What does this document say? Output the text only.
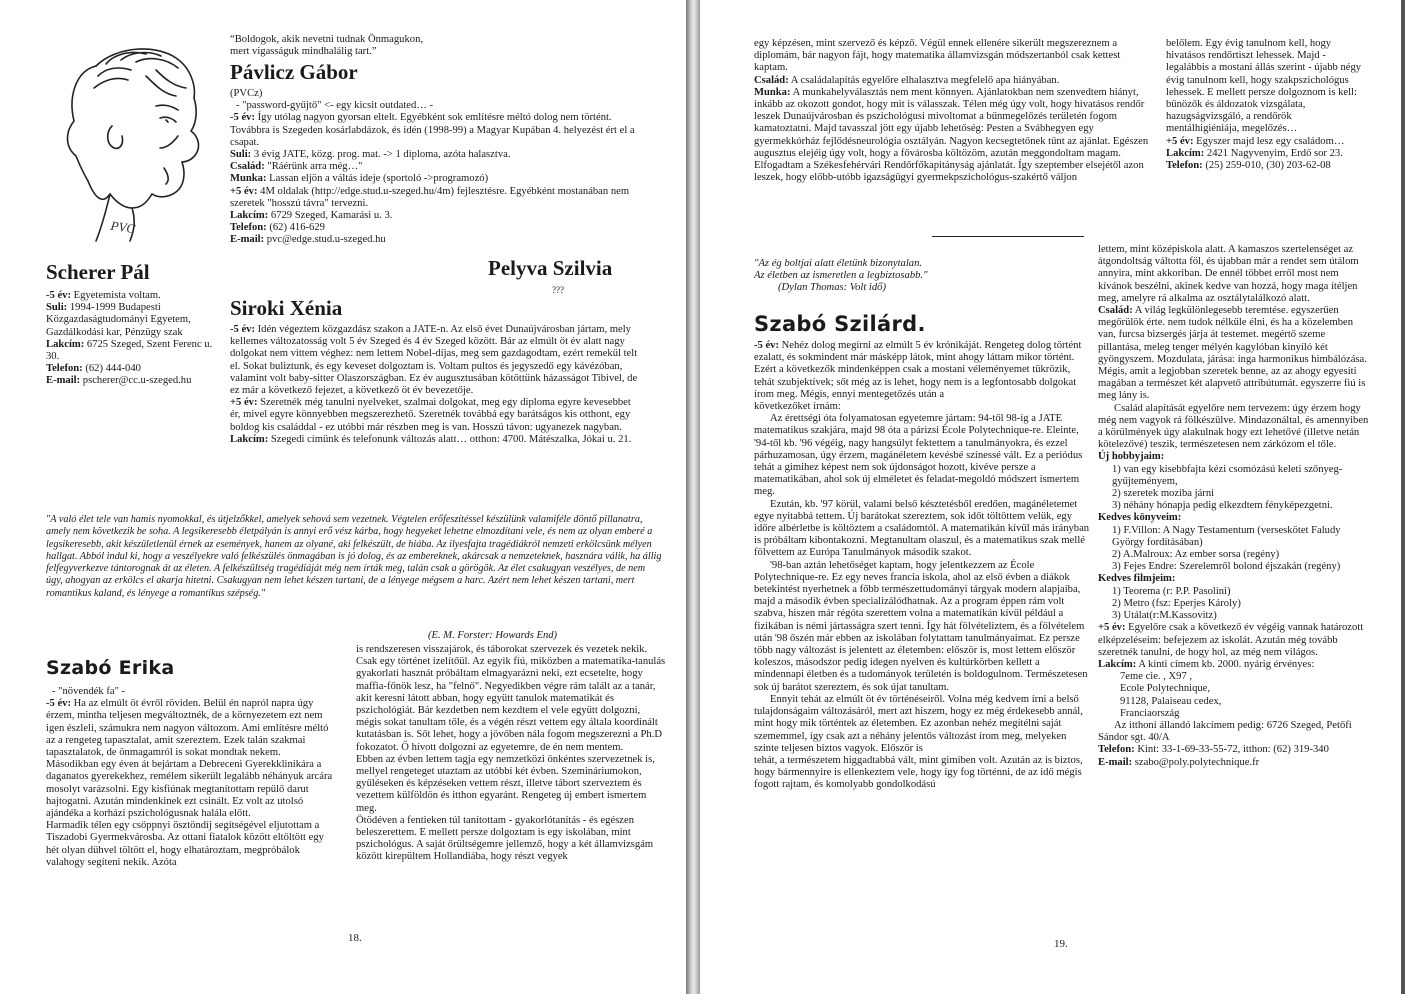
PVC

“Boldogok, akik nevetni tudnak Önmagukon,

mert vigasságuk mindhalálig tart.”

Pávlicz Gábor

(PVCz)

- "password-gyűjtő" <- egy kicsit outdated… -

-5 év: Így utólag nagyon gyorsan eltelt. Egyébként sok említésre méltó dolog nem történt. Továbbra is Szegeden kosárlabdázok, és idén (1998-99) a Magyar Kupában 4. helyezést ért el a csapat.

Suli: 3 évig JATE, közg. prog. mat. -> 1 diploma, azóta halasztva.

Család: "Ráérünk arra még…"

Munka: Lassan eljön a váltás ideje (sportoló ->programozó)

+5 év: 4M oldalak (http://edge.stud.u-szeged.hu/4m) fejlesztésre. Egyébként mostanában nem szeretek "hosszú távra" tervezni.

Lakcím: 6729 Szeged, Kamarási u. 3.

Telefon: (62) 416-629

E-mail: pvc@edge.stud.u-szeged.hu

Scherer Pál

-5 év: Egyetemista voltam.

Suli: 1994-1999 Budapesti Közgazdaságtudományi Egyetem, Gazdálkodási kar, Pénzügy szak

Lakcím: 6725 Szeged, Szent Ferenc u. 30.

Telefon: (62) 444-040

E-mail: pscherer@cc.u-szeged.hu

Pelyva Szilvia
???
Siroki Xénia

-5 év: Idén végeztem közgazdász szakon a JATE-n. Az első évet Dunaújvárosban jártam, mely kellemes változatosság volt 5 év Szeged és 4 év Szeged között. Bár az elmúlt öt év alatt nagy dolgokat nem vittem véghez: nem lettem Nobel-díjas, meg sem gazdagodtam, ezért remekül telt el. Sokat buliztunk, és egy keveset dolgoztam is. Voltam pultos és jegyszedő egy kávézóban, valamint volt baby-sitter Olaszországban. Ez év augusztusában kötöttünk házasságot Tibivel, de ez már a következő fejezet, a következő öt év bevezetője.

+5 év: Szeretnék még tanulni nyelveket, szalmai dolgokat, meg egy diploma egyre kevesebbet ér, mivel egyre könnyebben megszerezhető. Szeretnék továbbá egy barátságos kis otthont, egy boldog kis családdal - ez utóbbi már részben meg is van. Hosszú távon: ugyanezek nagyban.

Lakcím: Szegedi címünk és telefonunk változás alatt… otthon: 4700. Mátészalka, Jókai u. 21.

"A való élet tele van hamis nyomokkal, és útjelzőkkel, amelyek sehová sem vezetnek. Végtelen erőfeszítéssel készülünk valamiféle döntő pillanatra, amely nem következik be soha. A legsikeresebb életpályán is annyi erő vész kárba, hogy hegyeket lehetne elmozdítani vele, és nem az olyan emberé a legsikeresebb, akit készületlenül érnek az események, hanem az olyané, aki felkészült, de hiába. Az ilyesfajta tragédiákról nemzeti erkölcsünk mélyen hallgat. Abból indul ki, hogy a veszélyekre való felkészülés önmagában is jó dolog, és az embereknek, akárcsak a nemzeteknek, hasznára válik, ha állig felfegyverkezve tántorognak át az életen. A felkészültség tragédiáját még nem írták meg, talán csak a görögök. Az élet csakugyan veszélyes, de nem úgy, ahogyan az erkölcs el akarja hitetni. Csakugyan nem lehet készen tartani, de a lényege mégsem a harc. Azért nem lehet készen tartani, mert romantikus kaland, és lényege a romantikus szépség."
(E. M. Forster: Howards End)
Szabó Erika

- "növendék fa" -

-5 év: Ha az elmúlt öt évről röviden. Belül én napról napra úgy érzem, mintha teljesen megváltoztnék, de a környezetem ezt nem igen észleli, számukra nem nagyon változom. Ami említésre méltó az a rengeteg tapasztalat, amit szereztem. Ezek talán szakmai tapasztalatok, de önmagamról is sokat mondtak nekem.

Másodikban egy éven át bejártam a Debreceni Gyerekklinikára a daganatos gyerekekhez, remélem sikerült legalább néhányuk arcára mosolyt varázsolni. Egy kisfiúnak megtanítottam repülő darut hajtogatni. Azután mindenkinek ezt csinált. Ez volt az utolsó ajándéka a korházi pszichológusnak halála előtt.

Harmadik télen egy csöppnyi ösztöndíj segítségével eljutottam a Tiszadobi Gyermekvárosba. Az ottani fiatalok között eltöltött egy hét olyan dühvel töltött el, hogy elhatároztam, megpróbálok valahogy segíteni nekik. Azóta

is rendszeresen visszajárok, és táborokat szervezek és vezetek nekik. Csak egy történet izelítőül. Az egyik fiú, miközben a matematika-tanulás gyakorlati hasznát próbáltam elmagyarázni neki, ezt ecsetelte, hogy maffia-főnök lesz, ha "felnő". Negyedikben végre rám talált az a tanár, akit keresni látott abban, hogy együtt tanulok matematikát és pszichológiát. Bár kezdetben nem kezdtem el vele együtt dolgozni, mégis sokat tanultam tőle, és a végén részt vettem egy általa koordinált kutatásban is. Sőt lehet, hogy a jövőben nála fogom megszerezni a Ph.D fokozatot. Ő hívott dolgozni az egyetemre, de én nem mentem.

Ebben az évben lettem tagja egy nemzetközi önkéntes szervezetnek is, mellyel rengeteget utaztam az utóbbi két évben. Szemináriumokon, gyűléseken és képzéseken vettem részt, illetve tábort szerveztem és vezettem külföldön és itthon egyaránt. Rengeteg új embert ismertem meg.

Ötödéven a fentieken túl tanítottam - gyakorlótanítás - és egészen beleszerettem. E mellett persze dolgoztam is egy iskolában, mint pszichológus. A saját őrültségemre jellemző, hogy a két államvizsgám között kirepültem Hollandiába, hogy részt vegyek

18.

egy képzésen, mint szervező és képző. Végül ennek ellenére sikerült megszereznem a diplomám, bár nagyon fájt, hogy matematika államvizsgán módszertanból csak kettest kaptam.

Család: A családalapítás egyelőre elhalasztva megfelelő apa hiányában.

Munka: A munkahelyválasztás nem ment könnyen. Ajánlatokban nem szenvedtem hiányt, inkább az okozott gondot, hogy mit is válasszak. Télen még úgy volt, hogy hivatásos rendőr leszek Dunaújvárosban és pszichológusi mivoltomat a bűnmegelőzés területén fogom kamatoztatni. Majd tavasszal jött egy újabb lehetőség: Pesten a Svábhegyen egy gyermekkórház fejlődésneurológia osztályán. Nagyon kecsegtetőnek tűnt az ajánlat. Egészen augusztus elejéig úgy volt, hogy a fővárosba költözöm, azután meggondoltam magam. Elfogadtam a Székesfehérvári Rendőrfőkapitányság ajánlatát. Így szeptember elsejétől azon leszek, hogy előbb-utóbb igazságügyi gyermekpszichológus-szakértő váljon

belőlem. Egy évig tanulnom kell, hogy hivatásos rendőrtiszt lehessek. Majd - legalábbis a mostani állás szerint - újabb négy évig tanulnom kell, hogy szakpszichológus lehessek. E mellett persze dolgoznom is kell: bűnözők és áldozatok vizsgálata, hazugságvizsgáló, a rendőrök mentálhigiéniája, megelőzés…

+5 év: Egyszer majd lesz egy családom…

Lakcím: 2421 Nagyvenyim, Erdő sor 23.

Telefon: (25) 259-010, (30) 203-62-08

"Az ég boltjai alatt életünk bizonytalan.

Az életben az ismeretlen a legbiztosabb."

(Dylan Thomas: Volt idő)

Szabó Szilárd.

-5 év: Nehéz dolog megírni az elmúlt 5 év krónikáját. Rengeteg dolog történt ezalatt, és sokmindent már másképp látok, mint ahogy láttam mikor történt. Ezért a következők mindenképpen csak a mostani véleményemet tükrözik, tehát szubjektívek; sőt még az is lehet, hogy nem is a legfontosabb dolgokat írom meg. Mégis, ennyi mentegetőzés után a

következőket írnám:

Az érettségi óta folyamatosan egyetemre jártam: 94-től 98-ig a JATE matematikus szakjára, majd 98 óta a párizsi École Polytechnique-re. Eleinte, '94-től kb. '96 végéig, nagy hangsúlyt fektettem a tanulmányokra, és ezzel párhuzamosan, úgy érzem, magánéletem kevésbé színessé vált. Ez a periódus tehát a gimihez képest nem sok újdonságot hozott, kivéve persze a matematikában, ahol sok új elméletet és feladat-megoldó módszert ismertem meg.

Ezután, kb. '97 körül, valami belső késztetésből eredően, magánéletemet egye nyitabbá tettem. Új barátokat szereztem, sok időt töltöttem velük, egy időre albérletbe is költöztem a családomtól. A matematikán kívül más irányban is próbáltam kibontakozni. Megtanultam olaszul, és a matematikus szak mellé fölvettem az Európa Tanulmányok második szakot.

'98-ban aztán lehetőséget kaptam, hogy jelentkezzem az École Polytechnique-re. Ez egy neves francia iskola, ahol az első évben a diákok betekintést nyerhetnek a főbb természettudományi tárgyak modern alapjaiba, majd a második évben specializálódhatnak. Az a program éppen rám volt szabva, hiszen már régóta szerettem volna a matematikán kívül például a fizikában is némi jártasságra szert tenni. Így hát fölvételiztem, és a fölvételem után '98 őszén már ebben az iskolában folytattam tanulmányaimat. Ez persze több nagy változást is jelentett az életemben: először is, most lettem először koleszos, másodszor pedig idegen nyelven és kultúrkörben kellett a mindennapi életben és a tudományok területén is boldogulnom. Természetesen sok új barátot szereztem, és sok újat tanultam.

Ennyit tehát az elmúlt öt év történéseiről. Volna még kedvem írni a belső tulajdonságaim változásáról, mert azt hiszem, hogy ez még érdekesebb annál, mint hogy mik történtek az életemben. Ez azonban nehéz megítélni saját szememmel, így csak azt a néhány jelentős változást írom meg, melyeken szinte teljesen biztos vagyok. Először is

tehát, a természetem higgadtabbá vált, mint gimiben volt. Azután az is biztos, hogy bármennyire is ellenkeztem vele, hogy így fog történni, de az idő mégis fogott rajtam, és komolyabb gondolkodású

lettem, mint középiskola alatt. A kamaszos szertelenséget az átgondoltság váltotta föl, és újabban már a rendet sem útálom annyira, mint akkoriban. De ennél többet erről most nem kívánok beszélni, akinek kedve van hozzá, hogy maga ítéljen meg, amelyre rá alkalma az osztálytalálkozó alatt.

Család: A világ legkülönlegesebb teremtése. egyszerűen megőrülök érte. nem tudok nélküle élni, és ha a közelemben van, furcsa bizsergés járja át testemet. megértő szeme pillantása, meleg tenger mélyén kagylóban kinyíló két gyöngyszem. Mozdulata, járása: inga harmonikus himbálózása. Mégis, amit a legjobban szeretek benne, az az ahogy egyesíti magában a természet két alapvető attribútumát. egyszerre fiú is meg lány is.

Család alapítását egyelőre nem tervezem: úgy érzem hogy még nem vagyok rá fölkészülve. Mindazonáltal, és amennyiben a körülmények úgy alakulnak hogy ezt lehetővé (illetve netán kötelezővé) teszik, természetesen nem zárkózom el tőle.

Új hobbyjaim:

1) van egy kisebbfajta kézi csomózású keleti szőnyeg-gyűjteményem,

2) szeretek moziba járni

3) néhány hónapja pedig elkezdtem fényképezgetni.

Kedves könyveim:

1) F.Villon: A Nagy Testamentum (verseskötet Faludy György fordításában)

2) A.Malroux: Az ember sorsa (regény)

3) Fejes Endre: Szerelemről bolond éjszakán (regény)

Kedves filmjeim:

1) Teorema (r: P.P. Pasolini)

2) Metro (fsz: Eperjes Károly)

3) Utálat(r:M.Kassovitz)

+5 év: Egyelőre csak a következő év végéig vannak határozott elképzeléseim: befejezem az iskolát. Azután még tovább szeretnék tanulni, de hogy hol, az még nem világos.

Lakcím: A kinti címem kb. 2000. nyárig érvényes:

7eme cie. , X97 ,

Ecole Polytechnique,

91128, Palaiseau cedex,

Franciaország

Az itthoni állandó lakcímem pedig: 6726 Szeged, Petőfi Sándor sgt. 40/A

Telefon: Kint: 33-1-69-33-55-72, itthon: (62) 319-340

E-mail: szabo@poly.polytechnique.fr

19.
